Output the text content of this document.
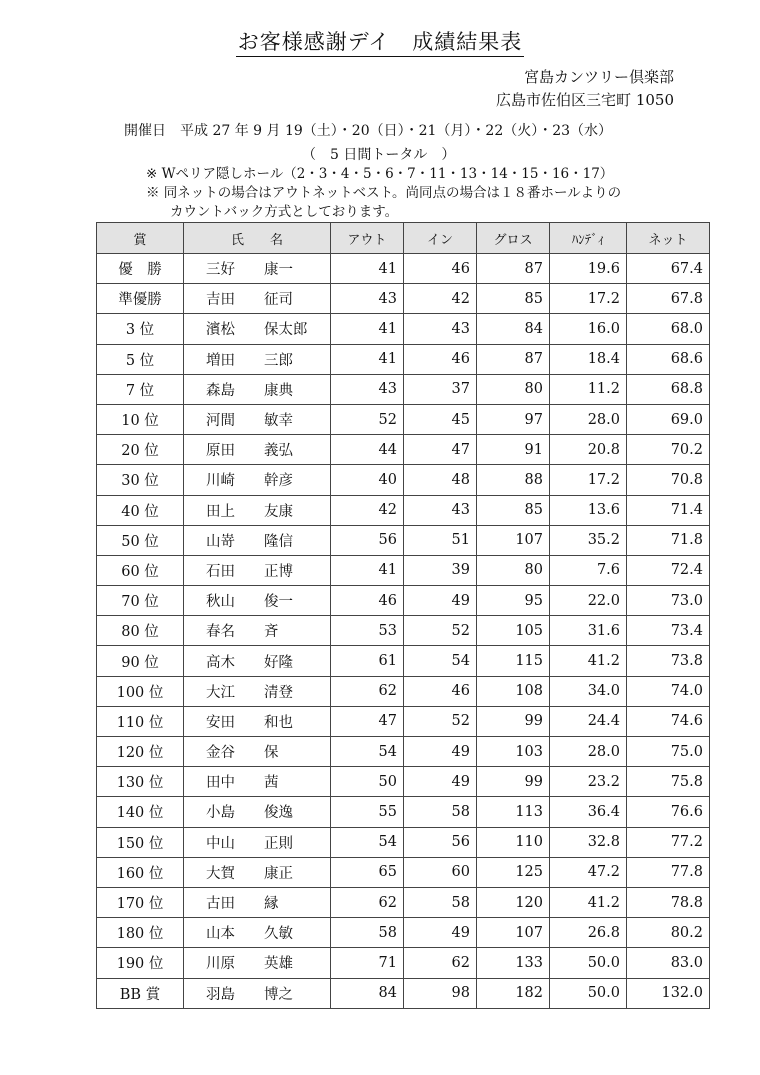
お客様感謝デイ　成績結果表
宮島カンツリー倶楽部
広島市佐伯区三宅町 1050
開催日　平成 27 年 9 月 19（土）・20（日）・21（月）・22（火）・23（水）
（　5 日間トータル　）
※ Wペリア隠しホール（2・3・4・5・6・7・11・13・14・15・16・17）
※ 同ネットの場合はアウトネットベスト。尚同点の場合は１８番ホールよりの
カウントバック方式としております。
賞	氏　　名	アウト	イン	グロス	ﾊﾝﾃﾞｨ	ネット
優　勝	三好 康一	41	46	87	19.6	67.4
準優勝	吉田 征司	43	42	85	17.2	67.8
3 位	濱松 保太郎	41	43	84	16.0	68.0
5 位	増田 三郎	41	46	87	18.4	68.6
7 位	森島 康典	43	37	80	11.2	68.8
10 位	河間 敏幸	52	45	97	28.0	69.0
20 位	原田 義弘	44	47	91	20.8	70.2
30 位	川崎 幹彦	40	48	88	17.2	70.8
40 位	田上 友康	42	43	85	13.6	71.4
50 位	山嵜 隆信	56	51	107	35.2	71.8
60 位	石田 正博	41	39	80	7.6	72.4
70 位	秋山 俊一	46	49	95	22.0	73.0
80 位	春名 斉	53	52	105	31.6	73.4
90 位	高木 好隆	61	54	115	41.2	73.8
100 位	大江 清登	62	46	108	34.0	74.0
110 位	安田 和也	47	52	99	24.4	74.6
120 位	金谷 保	54	49	103	28.0	75.0
130 位	田中 茜	50	49	99	23.2	75.8
140 位	小島 俊逸	55	58	113	36.4	76.6
150 位	中山 正則	54	56	110	32.8	77.2
160 位	大賀 康正	65	60	125	47.2	77.8
170 位	古田 縁	62	58	120	41.2	78.8
180 位	山本 久敏	58	49	107	26.8	80.2
190 位	川原 英雄	71	62	133	50.0	83.0
BB 賞	羽島 博之	84	98	182	50.0	132.0
